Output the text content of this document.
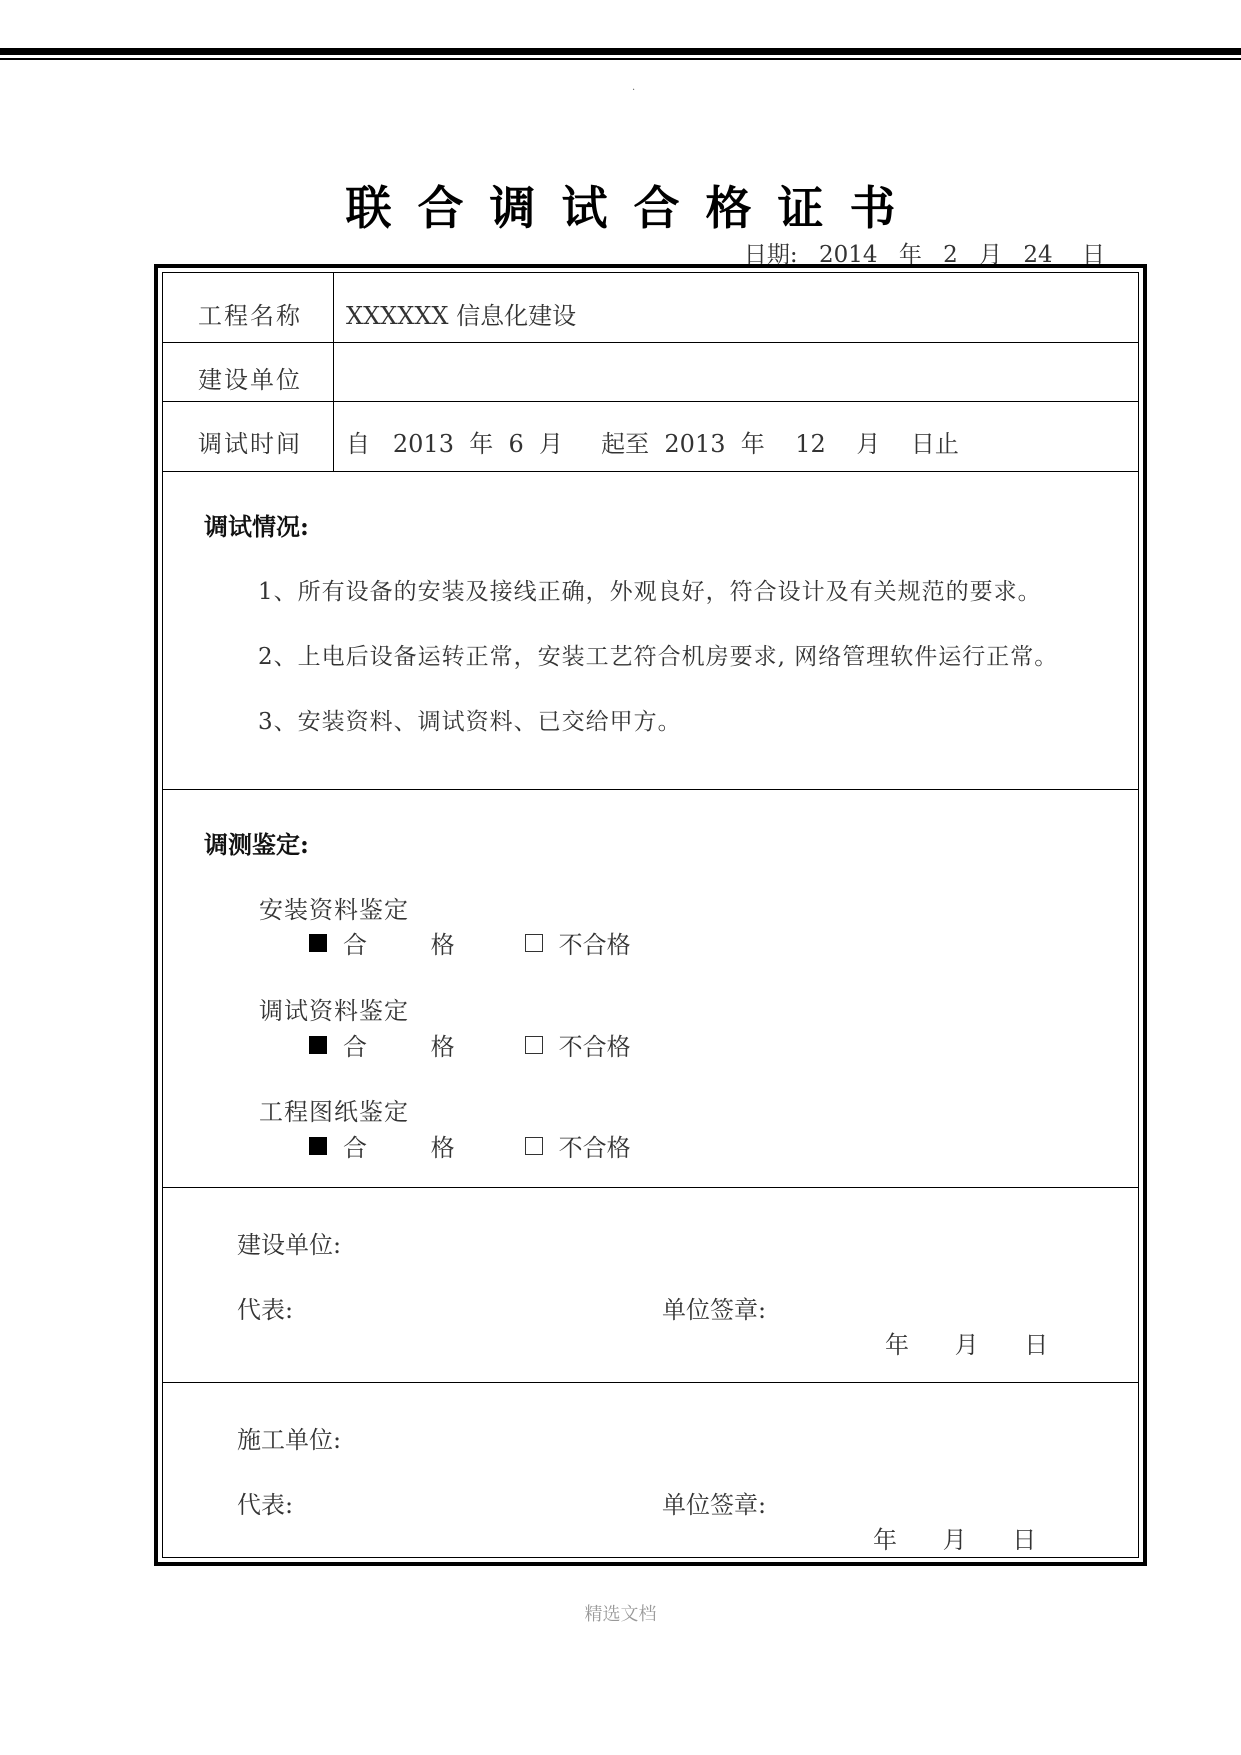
.
联合调试合格证书
日期: 2014 年 2 月 24 日
工程名称 XXXXXX 信息化建设
建设单位
调试时间 自   2013  年  6  月     起至  2013  年    12    月    日止
调试情况:
1、所有设备的安装及接线正确，外观良好，符合设计及有关规范的要求。
2、上电后设备运转正常，安装工艺符合机房要求, 网络管理软件运行正常。
3、安装资料、调试资料、已交给甲方。
调测鉴定:
安装资料鉴定
合 格	不合格
调试资料鉴定
合 格	不合格
工程图纸鉴定
合 格	不合格
建设单位:
代表:	单位签章:
年 月 日
施工单位:
代表:	单位签章:
年 月 日
精选文档
